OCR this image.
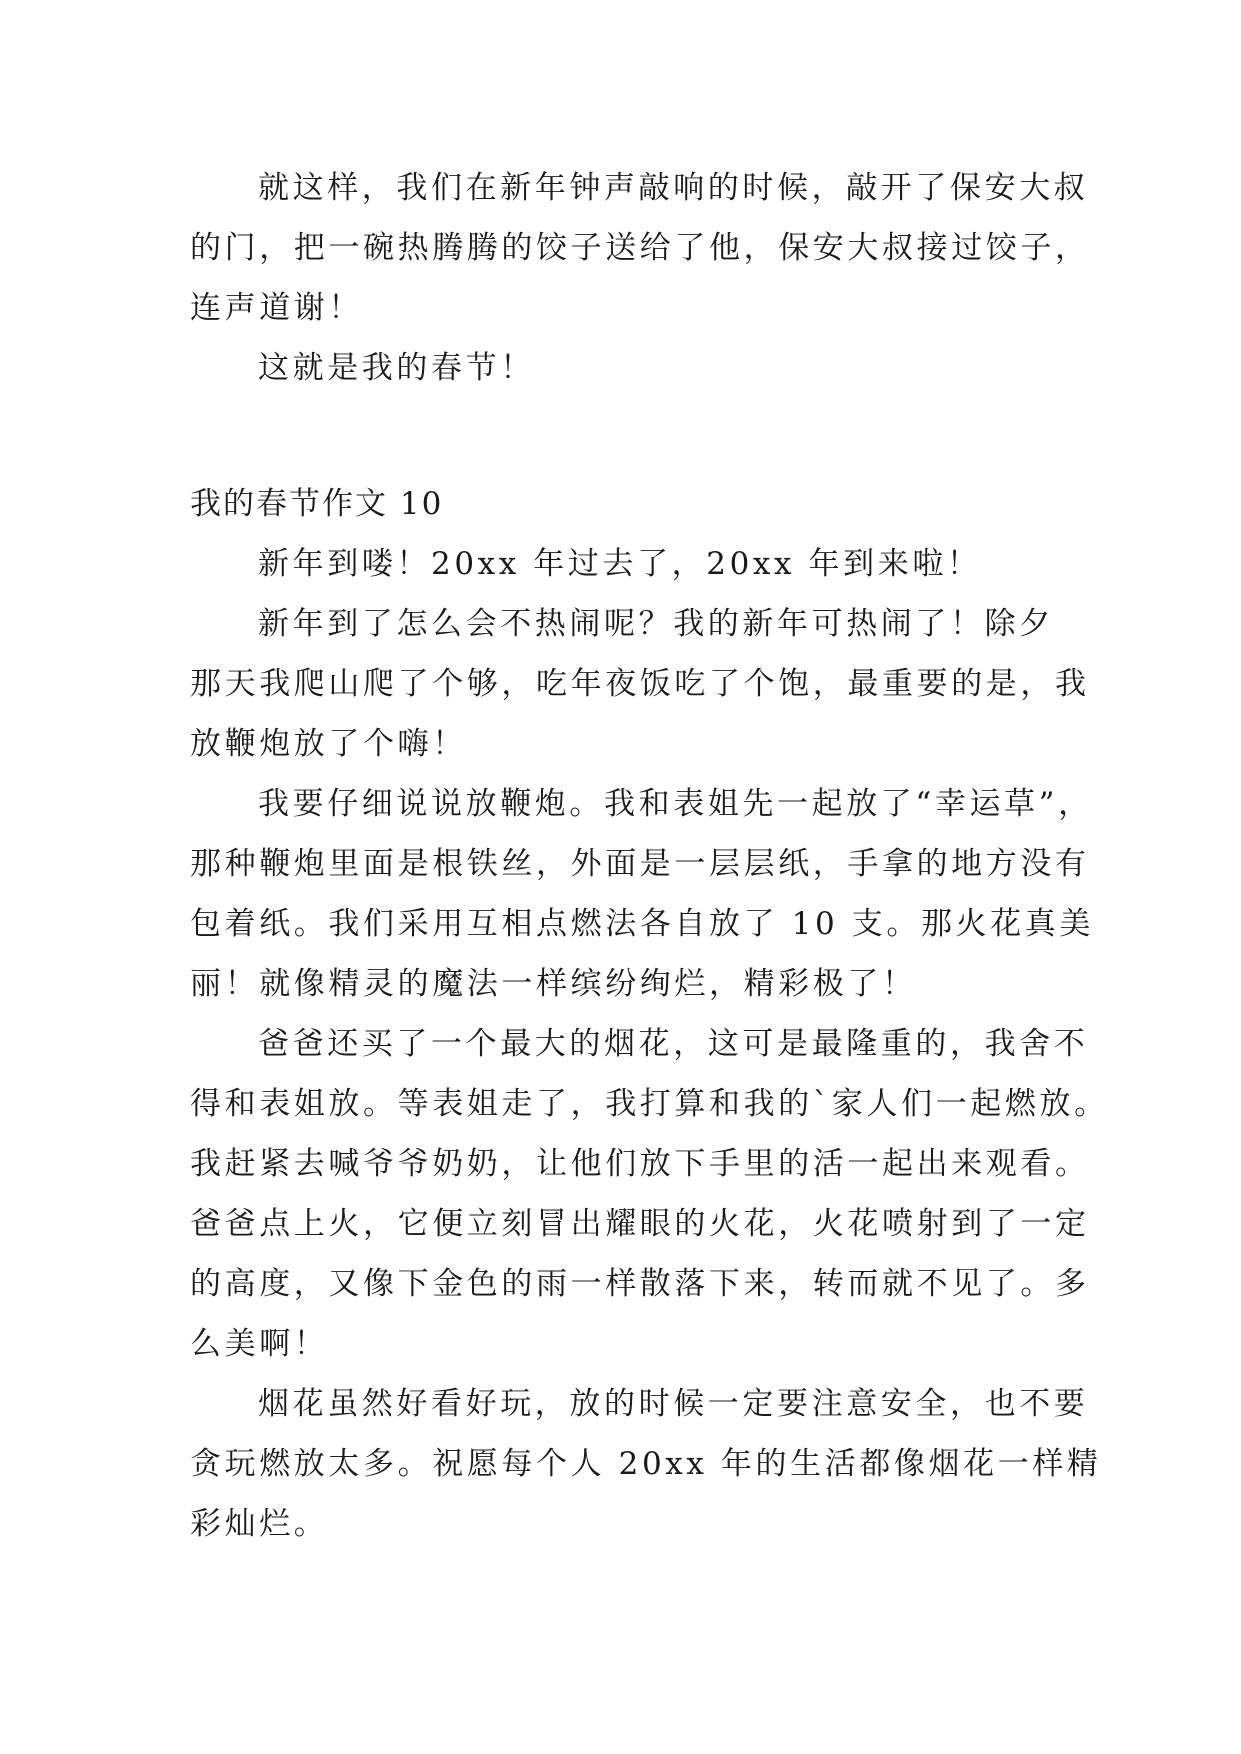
就这样，我们在新年钟声敲响的时候，敲开了保安大叔
的门，把一碗热腾腾的饺子送给了他，保安大叔接过饺子，
连声道谢！
这就是我的春节！
我的春节作文 10
新年到喽！20xx 年过去了，20xx 年到来啦！
新年到了怎么会不热闹呢？我的新年可热闹了！除夕
那天我爬山爬了个够，吃年夜饭吃了个饱，最重要的是，我
放鞭炮放了个嗨！
我要仔细说说放鞭炮。我和表姐先一起放了“幸运草”，
那种鞭炮里面是根铁丝，外面是一层层纸，手拿的地方没有
包着纸。我们采用互相点燃法各自放了 10 支。那火花真美
丽！就像精灵的魔法一样缤纷绚烂，精彩极了！
爸爸还买了一个最大的烟花，这可是最隆重的，我舍不
得和表姐放。等表姐走了，我打算和我的`家人们一起燃放。
我赶紧去喊爷爷奶奶，让他们放下手里的活一起出来观看。
爸爸点上火，它便立刻冒出耀眼的火花，火花喷射到了一定
的高度，又像下金色的雨一样散落下来，转而就不见了。多
么美啊！
烟花虽然好看好玩，放的时候一定要注意安全，也不要
贪玩燃放太多。祝愿每个人 20xx 年的生活都像烟花一样精
彩灿烂。
